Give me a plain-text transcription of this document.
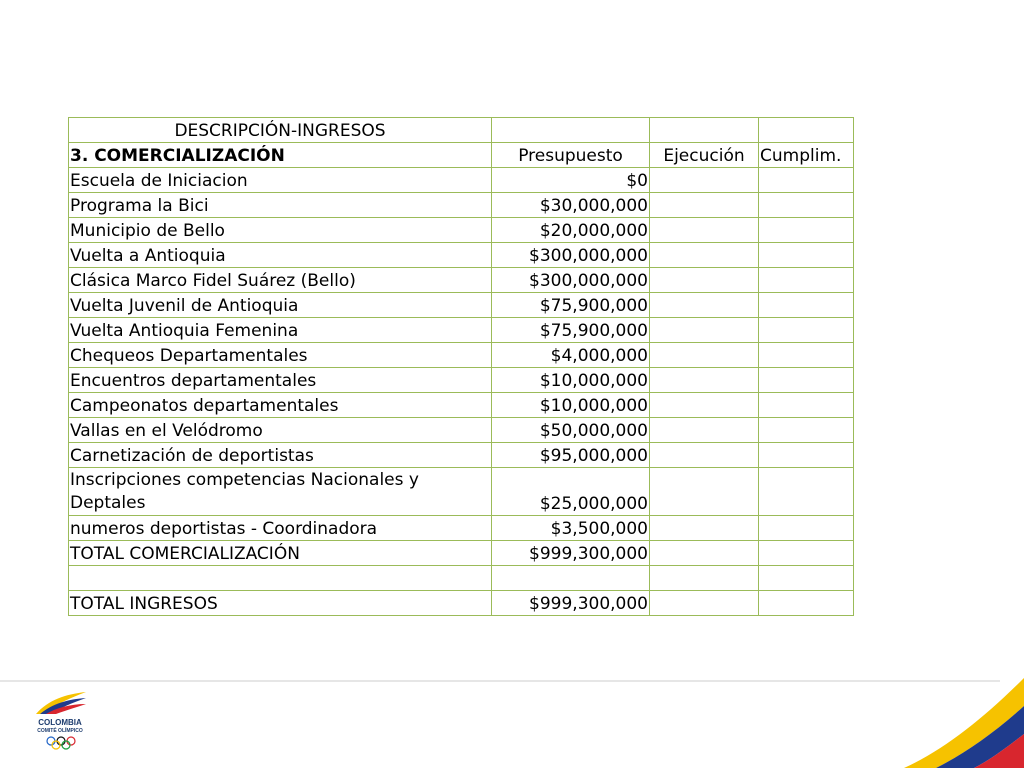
DESCRIPCIÓN-INGRESOS			
3. COMERCIALIZACIÓN	Presupuesto	Ejecución	Cumplim.
Escuela de Iniciacion	$0		
Programa la Bici	$30,000,000		
Municipio de Bello	$20,000,000		
Vuelta a Antioquia	$300,000,000		
Clásica Marco Fidel Suárez (Bello)	$300,000,000		
Vuelta Juvenil de Antioquia	$75,900,000		
Vuelta Antioquia Femenina	$75,900,000		
Chequeos Departamentales	$4,000,000		
Encuentros departamentales	$10,000,000		
Campeonatos departamentales	$10,000,000		
Vallas en el Velódromo	$50,000,000		
Carnetización de deportistas	$95,000,000		
Inscripciones competencias Nacionales y Deptales	$25,000,000		
numeros deportistas - Coordinadora	$3,500,000		
TOTAL COMERCIALIZACIÓN	$999,300,000		

TOTAL INGRESOS	$999,300,000		
COLOMBIA
COMITÉ OLÍMPICO
